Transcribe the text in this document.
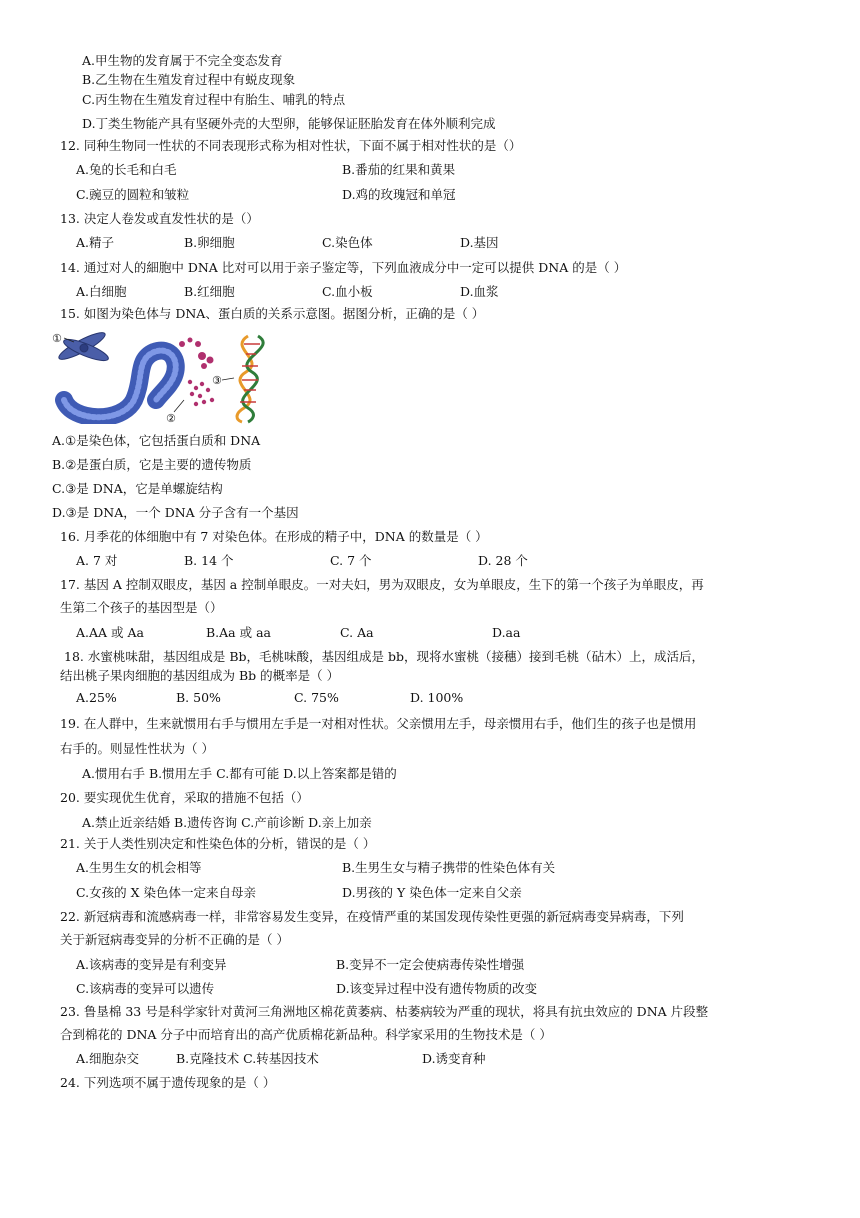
A.甲生物的发育属于不完全变态发育
B.乙生物在生殖发育过程中有蜕皮现象
C.丙生物在生殖发育过程中有胎生、哺乳的特点
D.丁类生物能产具有坚硬外壳的大型卵，能够保证胚胎发育在体外顺利完成
12. 同种生物同一性状的不同表现形式称为相对性状，下面不属于相对性状的是（）
A.兔的长毛和白毛	B.番茄的红果和黄果
C.豌豆的圆粒和皱粒	D.鸡的玫瑰冠和单冠
13. 决定人卷发或直发性状的是（）
A.精子	B.卵细胞	C.染色体	D.基因
14. 通过对人的細胞中 DNA 比对可以用于亲子鉴定等，下列血液成分中一定可以提供 DNA 的是（ ）
A.白细胞	B.红细胞	C.血小板	D.血浆
15. 如图为染色体与 DNA、蛋白质的关系示意图。据图分析，正确的是（ ）
①
②
③
A.①是染色体，它包括蛋白质和 DNA
B.②是蛋白质，它是主要的遗传物质
C.③是 DNA，它是单螺旋结构
D.③是 DNA，一个 DNA 分子含有一个基因
16. 月季花的体细胞中有 7 对染色体。在形成的精子中，DNA 的数量是（ ）
A. 7 对	B. 14 个	C. 7 个	D. 28 个
17. 基因 A 控制双眼皮，基因 a 控制单眼皮。一对夫妇，男为双眼皮，女为单眼皮，生下的第一个孩子为单眼皮，再
生第二个孩子的基因型是（）
A.AA 或 Aa	B.Aa 或 aa	C. Aa	D.aa
18. 水蜜桃味甜，基因组成是 Bb，毛桃味酸，基因组成是 bb，现将水蜜桃（接穗）接到毛桃（砧木）上，成活后，
结出桃子果肉细胞的基因组成为 Bb 的概率是（ ）
A.25%	B. 50%	C. 75%	D. 100%
19. 在人群中，生来就惯用右手与惯用左手是一对相对性状。父亲惯用左手，母亲惯用右手，他们生的孩子也是惯用
右手的。则显性性状为（ ）
A.惯用右手 B.惯用左手 C.都有可能 D.以上答案都是错的
20. 要实现优生优育，采取的措施不包括（）
A.禁止近亲结婚 B.遗传咨询 C.产前诊断 D.亲上加亲
21. 关于人类性别决定和性染色体的分析，错误的是（ ）
A.生男生女的机会相等	B.生男生女与精子携带的性染色体有关
C.女孩的 X 染色体一定来自母亲	D.男孩的 Y 染色体一定来自父亲
22. 新冠病毒和流感病毒一样，非常容易发生变异，在疫情严重的某国发现传染性更强的新冠病毒变异病毒，下列
关于新冠病毒变异的分析不正确的是（ ）
A.该病毒的变异是有利变异	B.变异不一定会使病毒传染性增强
C.该病毒的变异可以遗传	D.该变异过程中没有遗传物质的改变
23. 鲁垦棉 33 号是科学家针对黄河三角洲地区棉花黄萎病、枯萎病较为严重的现状，将具有抗虫效应的 DNA 片段整
合到棉花的 DNA 分子中而培育出的高产优质棉花新品种。科学家采用的生物技术是（ ）
A.细胞杂交	B.克隆技术 C.转基因技术	D.诱变育种
24. 下列选项不属于遗传现象的是（ ）
